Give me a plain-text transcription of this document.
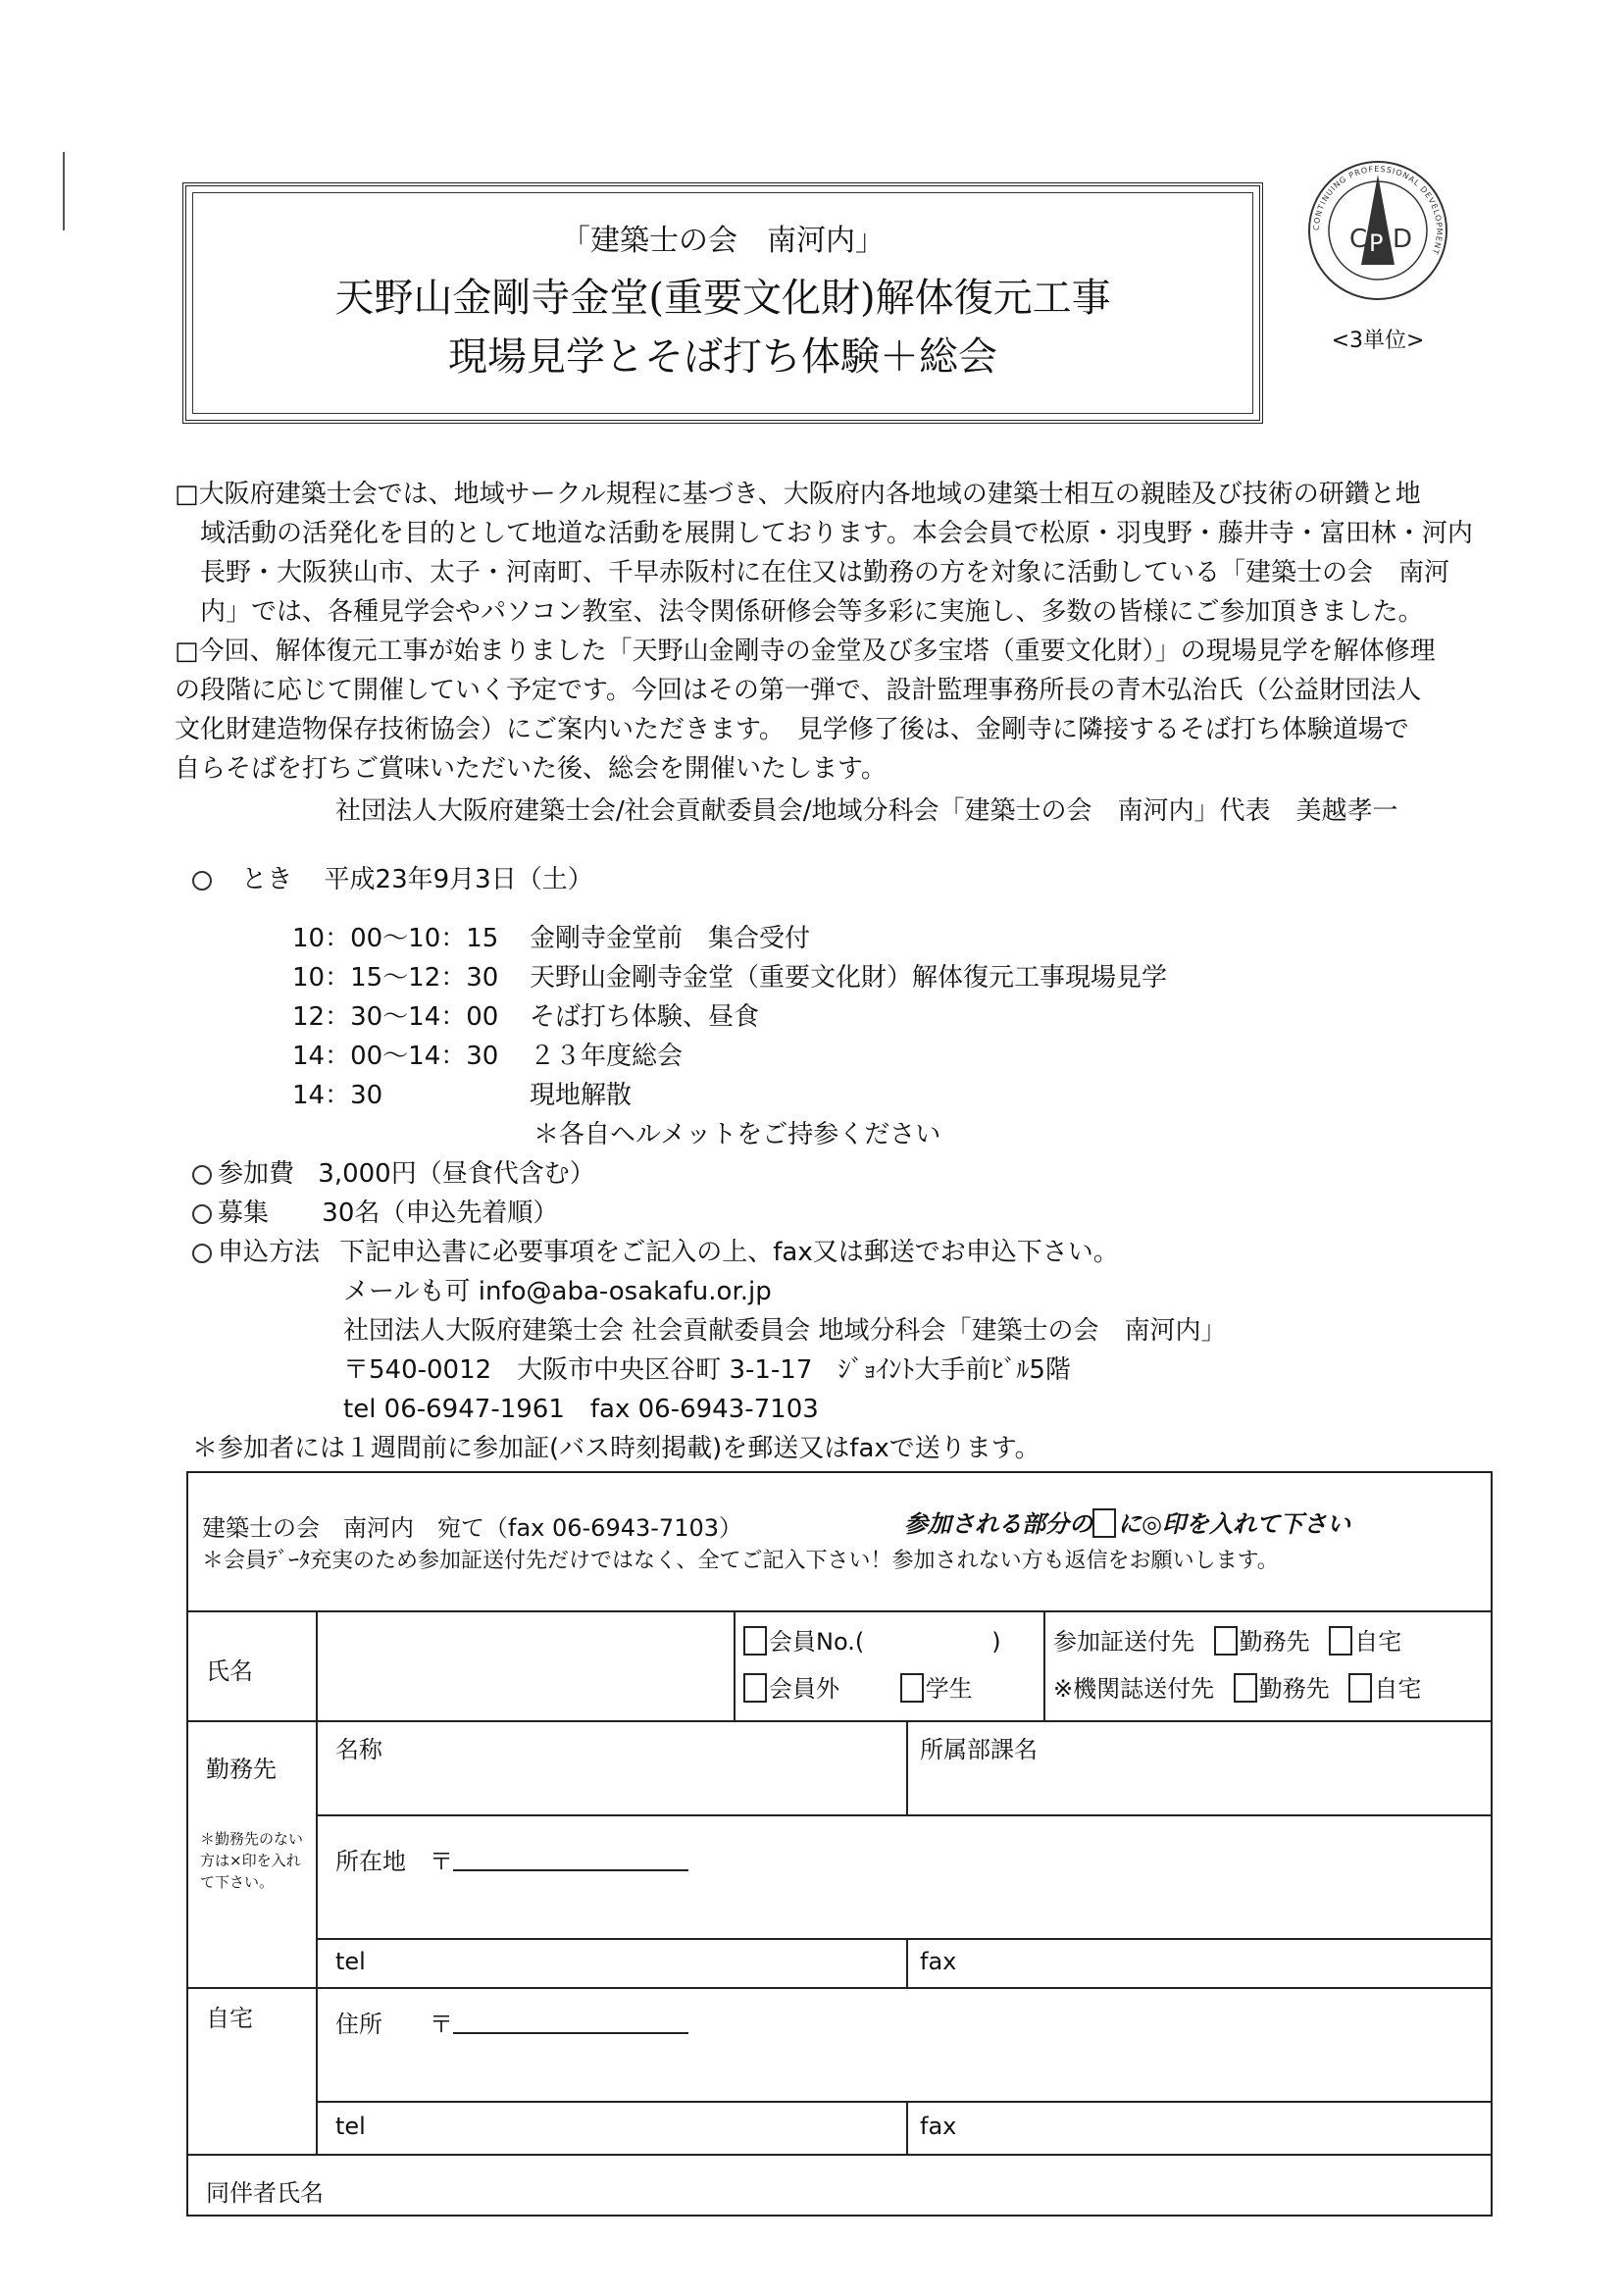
「建築士の会　南河内」
天野山金剛寺金堂(重要文化財)解体復元工事
現場見学とそば打ち体験＋総会
CONTINUING PROFESSIONAL DEVELOPMENT
C P D
<3単位>
□大阪府建築士会では、地域サークル規程に基づき、大阪府内各地域の建築士相互の親睦及び技術の研鑽と地
　域活動の活発化を目的として地道な活動を展開しております。本会会員で松原・羽曳野・藤井寺・富田林・河内
　長野・大阪狭山市、太子・河南町、千早赤阪村に在住又は勤務の方を対象に活動している「建築士の会　南河
　内」では、各種見学会やパソコン教室、法令関係研修会等多彩に実施し、多数の皆様にご参加頂きました。
□今回、解体復元工事が始まりました「天野山金剛寺の金堂及び多宝塔（重要文化財）」の現場見学を解体修理
の段階に応じて開催していく予定です。今回はその第一弾で、設計監理事務所長の青木弘治氏（公益財団法人
文化財建造物保存技術協会）にご案内いただきます。　見学修了後は、金剛寺に隣接するそば打ち体験道場で
自らそばを打ちご賞味いただいた後、総会を開催いたします。
社団法人大阪府建築士会/社会貢献委員会/地域分科会「建築士の会　南河内」代表　美越孝一
とき 平成23年9月3日（土）
10：00～10：15 金剛寺金堂前　集合受付
10：15～12：30 天野山金剛寺金堂（重要文化財）解体復元工事現場見学
12：30～14：00 そば打ち体験、昼食
14：00～14：30 ２３年度総会
14：30	現地解散
＊各自ヘルメットをご持参ください
参加費 3,000円（昼食代含む）
募集 30名（申込先着順）
申込方法 下記申込書に必要事項をご記入の上、fax又は郵送でお申込下さい。
メールも可 info@aba-osakafu.or.jp
社団法人大阪府建築士会 社会貢献委員会 地域分科会「建築士の会　南河内」
〒540-0012　大阪市中央区谷町 3-1-17　ｼﾞｮｲﾝﾄ大手前ﾋﾞﾙ5階
tel 06-6947-1961　fax 06-6943-7103
＊参加者には１週間前に参加証(バス時刻掲載)を郵送又はfaxで送ります。
建築士の会　南河内　宛て（fax 06-6943-7103）	参加される部分の に◎印を入れて下さい
＊会員ﾃﾞｰﾀ充実のため参加証送付先だけではなく、全てご記入下さい！参加されない方も返信をお願いします。
氏名
会員No.(	)
会員外	学生
参加証送付先 勤務先 自宅
※機関誌送付先 勤務先 自宅
勤務先
＊勤務先のない方は×印を入れて下さい。
名称	所属部課名
所在地　〒
tel	fax
自宅	住所　　〒
tel	fax
同伴者氏名
